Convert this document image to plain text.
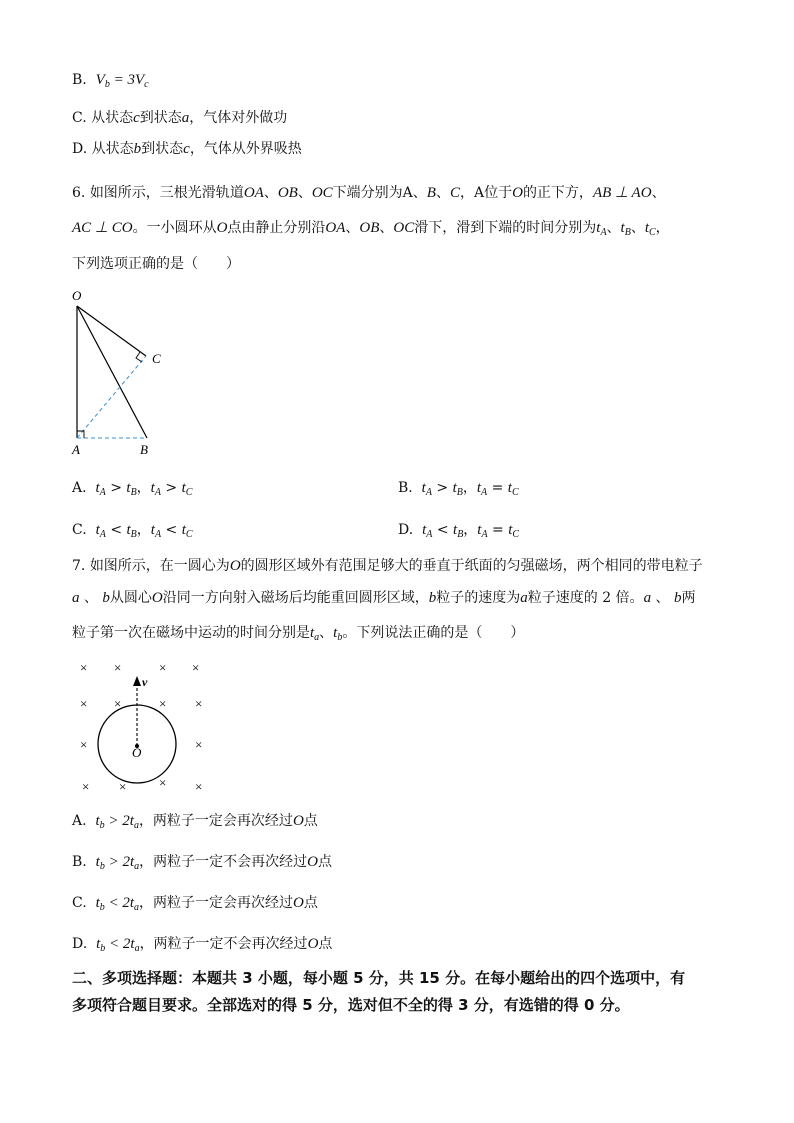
B. $V_b = 3V_c$
C. 从状态c到状态a，气体对外做功
D. 从状态b到状态c，气体从外界吸热
6. 如图所示，三根光滑轨道OA、OB、OC下端分别为A、B、C，A位于O的正下方，AB ⊥ AO、
AC ⊥ CO。一小圆环从O点由静止分别沿OA、OB、OC滑下，滑到下端的时间分别为$t_A$、$t_B$、$t_C$，
下列选项正确的是（　　）
O
C
A	B
A. $t_A > t_B$，$t_A > t_C$	B. $t_A > t_B$，$t_A = t_C$
C. $t_A < t_B$，$t_A < t_C$	D. $t_A < t_B$，$t_A = t_C$
7. 如图所示，在一圆心为O的圆形区域外有范围足够大的垂直于纸面的匀强磁场，两个相同的带电粒子
a 、 b从圆心O沿同一方向射入磁场后均能重回圆形区域，b粒子的速度为a粒子速度的 2 倍。a 、 b两
粒子第一次在磁场中运动的时间分别是$t_a$、$t_b$。下列说法正确的是（　　）
v
O
× ×	× ×
× ×	× ×
×	×
× ×	× ×
A. $t_b > 2t_a$，两粒子一定会再次经过O点
B. $t_b > 2t_a$，两粒子一定不会再次经过O点
C. $t_b < 2t_a$，两粒子一定会再次经过O点
D. $t_b < 2t_a$，两粒子一定不会再次经过O点
二、多项选择题：本题共 3 小题，每小题 5 分，共 15 分。在每小题给出的四个选项中，有
多项符合题目要求。全部选对的得 5 分，选对但不全的得 3 分，有选错的得 0 分。
